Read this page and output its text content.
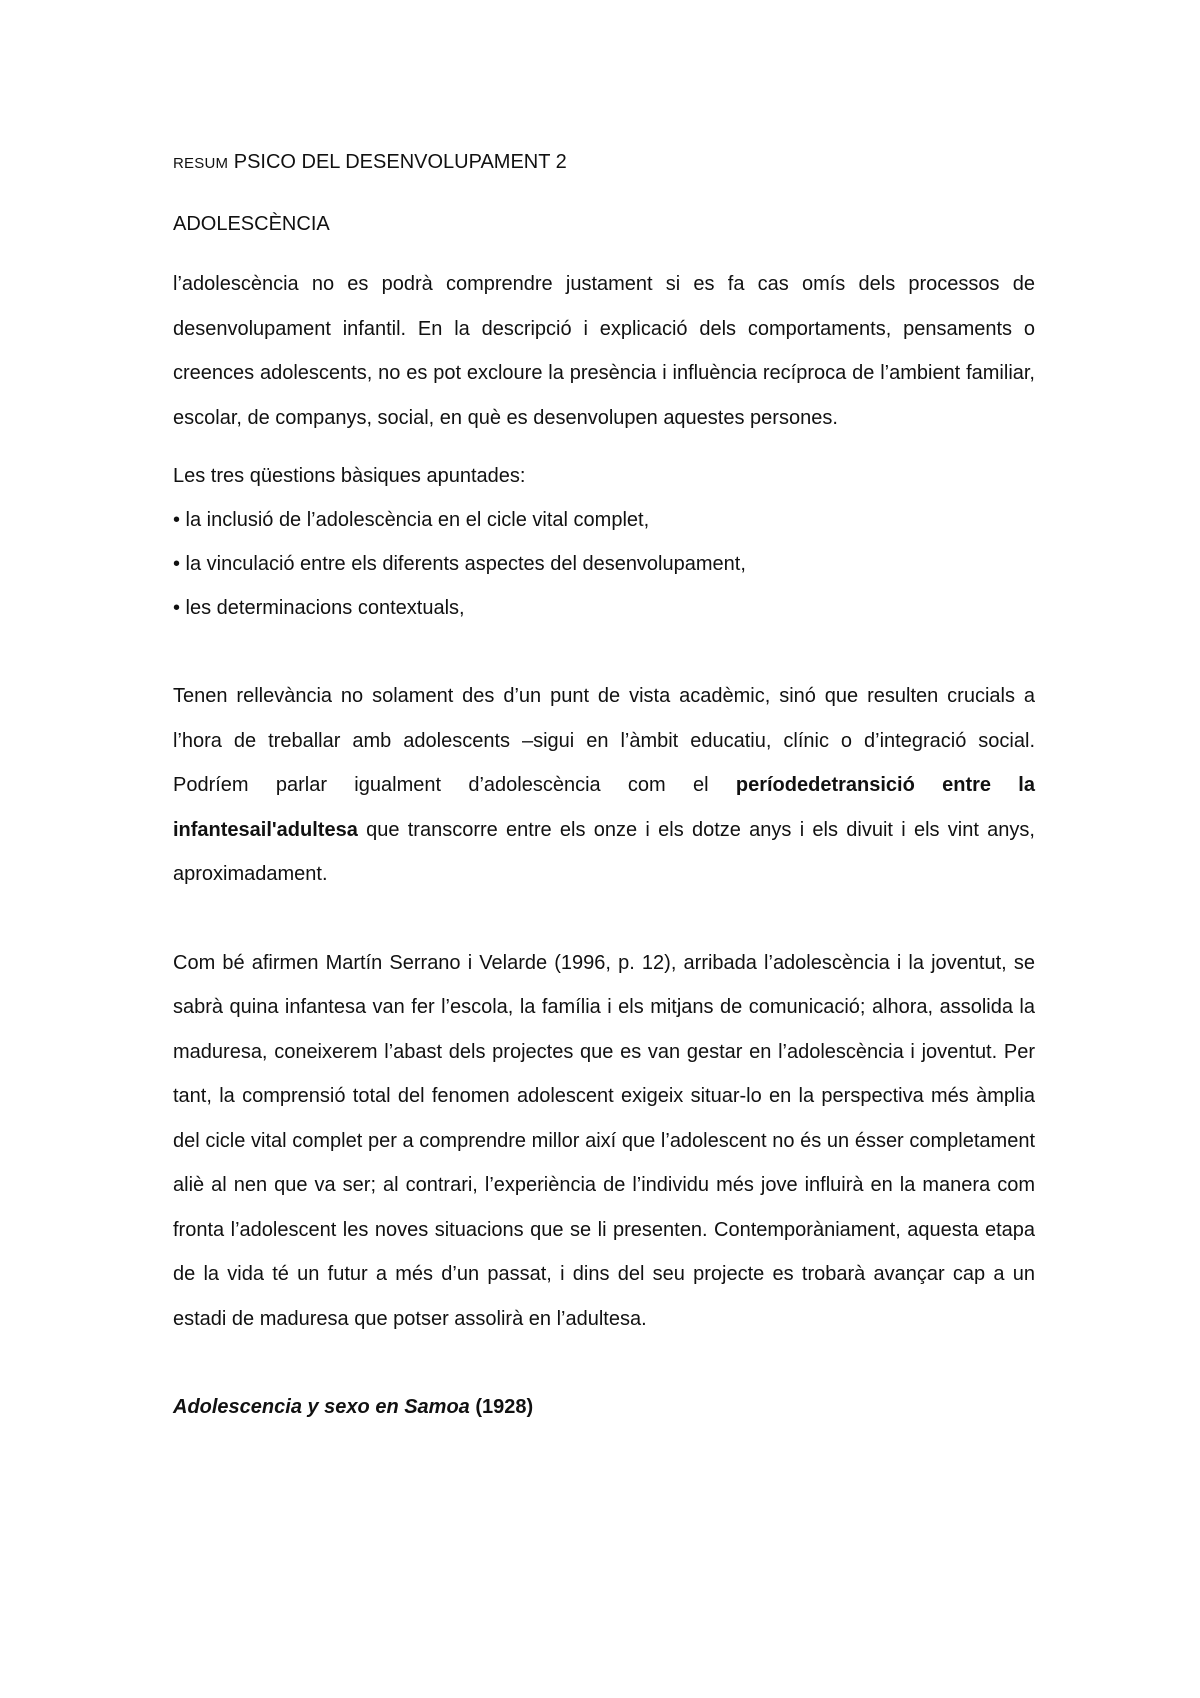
RESUM PSICO DEL DESENVOLUPAMENT 2
ADOLESCÈNCIA

l’adolescència no es podrà comprendre justament si es fa cas omís dels processos de desenvolupament infantil. En la descripció i explicació dels comportaments, pensaments o creences adolescents, no es pot excloure la presència i influència recíproca de l’ambient familiar, escolar, de companys, social, en què es desenvolupen aquestes persones.

Les tres qüestions bàsiques apuntades:

• la inclusió de l’adolescència en el cicle vital complet,

• la vinculació entre els diferents aspectes del desenvolupament,

• les determinacions contextuals,

Tenen rellevància no solament des d’un punt de vista acadèmic, sinó que resulten crucials a l’hora de treballar amb adolescents –sigui en l’àmbit educatiu, clínic o d’integració social. Podríem parlar igualment d’adolescència com el períodedetransició entre la infantesail'adultesa que transcorre entre els onze i els dotze anys i els divuit i els vint anys, aproximadament.

Com bé afirmen Martín Serrano i Velarde (1996, p. 12), arribada l’adolescència i la joventut, se sabrà quina infantesa van fer l’escola, la família i els mitjans de comunicació; alhora, assolida la maduresa, coneixerem l’abast dels projectes que es van gestar en l’adolescència i joventut. Per tant, la comprensió total del fenomen adolescent exigeix situar-lo en la perspectiva més àmplia del cicle vital complet per a comprendre millor així que l’adolescent no és un ésser completament aliè al nen que va ser; al contrari, l’experiència de l’individu més jove influirà en la manera com fronta l’adolescent les noves situacions que se li presenten. Contemporàniament, aquesta etapa de la vida té un futur a més d’un passat, i dins del seu projecte es trobarà avançar cap a un estadi de maduresa que potser assolirà en l’adultesa.

Adolescencia y sexo en Samoa (1928)
